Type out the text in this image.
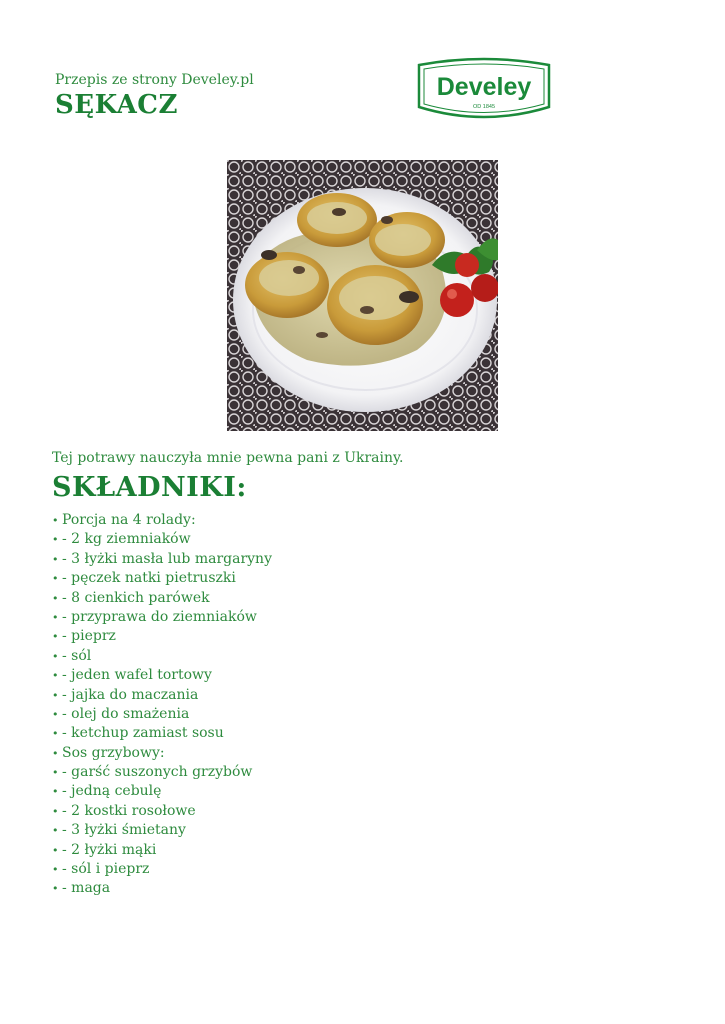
Przepis ze strony Develey.pl
SĘKACZ
Develey
OD 1845
Tej potrawy nauczyła mnie pewna pani z Ukrainy.
SKŁADNIKI:
• Porcja na 4 rolady:
• - 2 kg ziemniaków
• - 3 łyżki masła lub margaryny
• - pęczek natki pietruszki
• - 8 cienkich parówek
• - przyprawa do ziemniaków
• - pieprz
• - sól
• - jeden wafel tortowy
• - jajka do maczania
• - olej do smażenia
• - ketchup zamiast sosu
• Sos grzybowy:
• - garść suszonych grzybów
• - jedną cebulę
• - 2 kostki rosołowe
• - 3 łyżki śmietany
• - 2 łyżki mąki
• - sól i pieprz
• - maga
